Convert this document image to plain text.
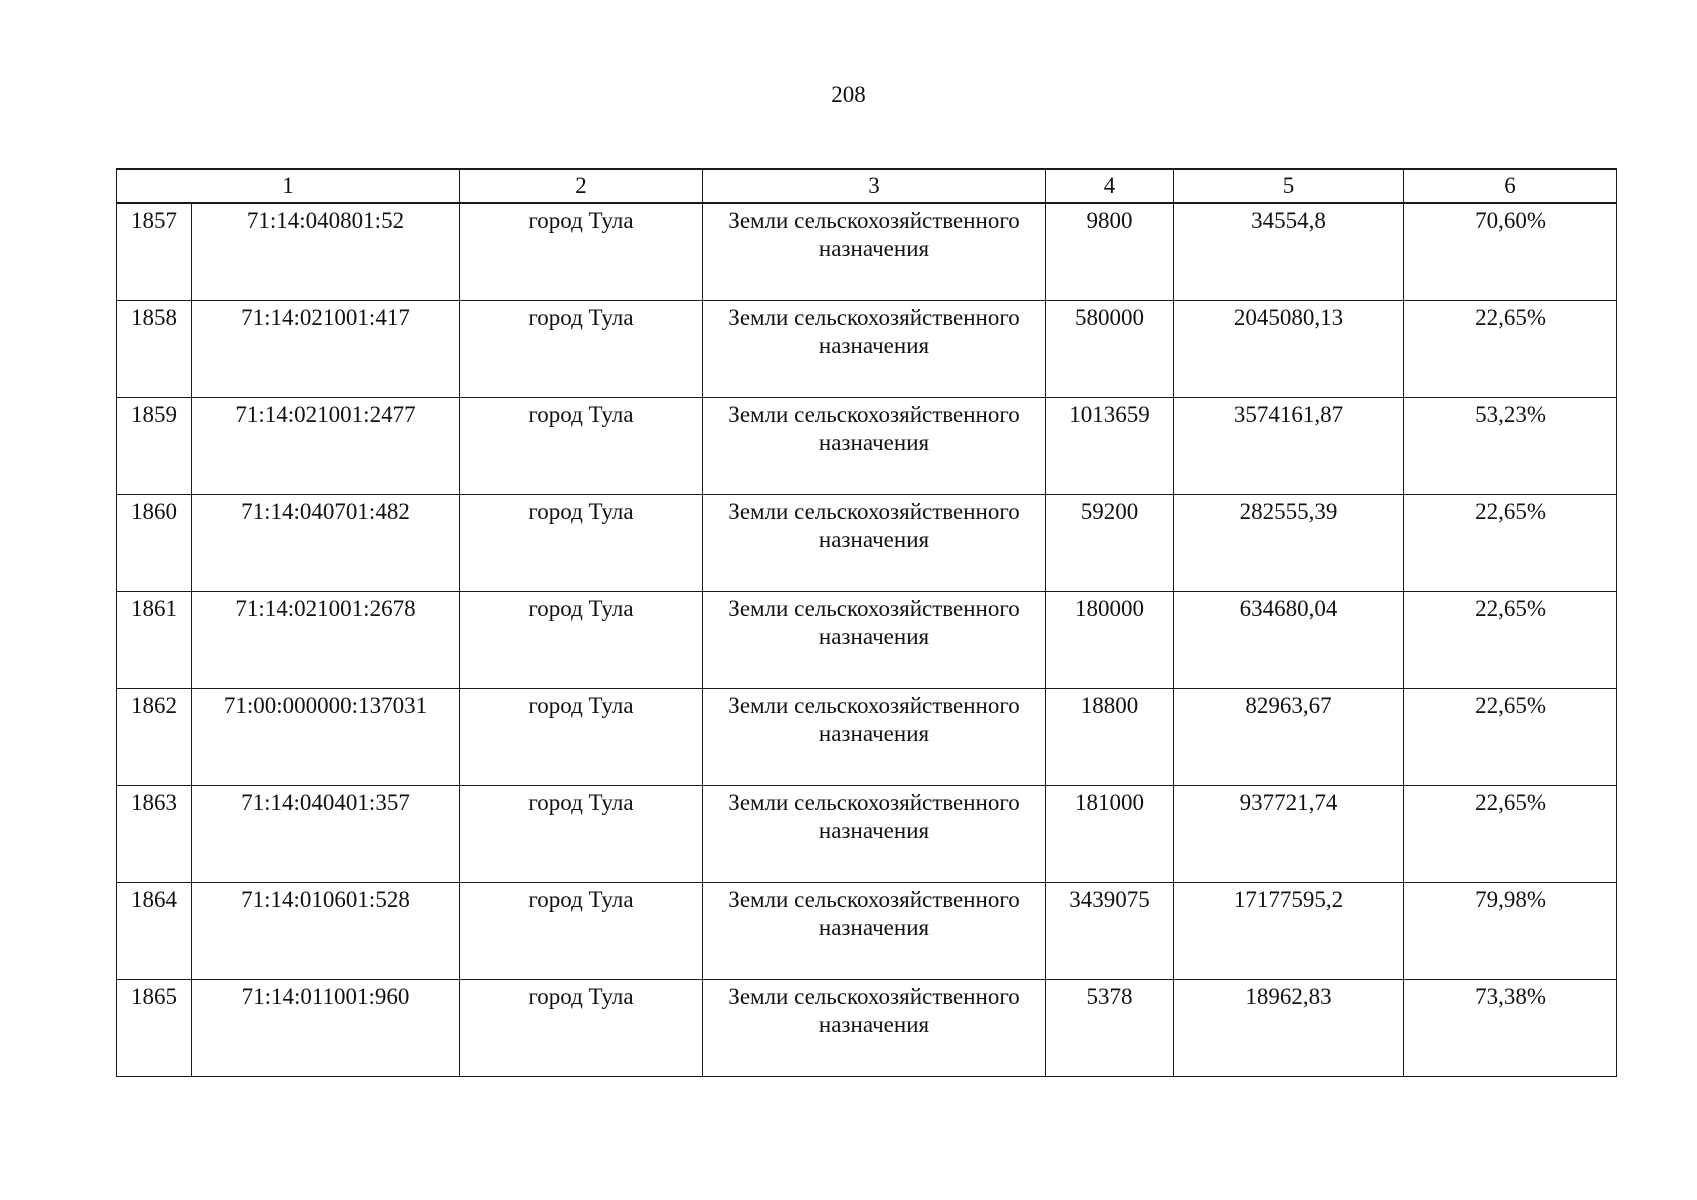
208
1		2	3	4	5	6
1857	71:14:040801:52	город Тула	Земли сельскохозяйственного назначения	9800	34554,8	70,60%
1858	71:14:021001:417	город Тула	Земли сельскохозяйственного назначения	580000	2045080,13	22,65%
1859	71:14:021001:2477	город Тула	Земли сельскохозяйственного назначения	1013659	3574161,87	53,23%
1860	71:14:040701:482	город Тула	Земли сельскохозяйственного назначения	59200	282555,39	22,65%
1861	71:14:021001:2678	город Тула	Земли сельскохозяйственного назначения	180000	634680,04	22,65%
1862	71:00:000000:137031	город Тула	Земли сельскохозяйственного назначения	18800	82963,67	22,65%
1863	71:14:040401:357	город Тула	Земли сельскохозяйственного назначения	181000	937721,74	22,65%
1864	71:14:010601:528	город Тула	Земли сельскохозяйственного назначения	3439075	17177595,2	79,98%
1865	71:14:011001:960	город Тула	Земли сельскохозяйственного назначения	5378	18962,83	73,38%
